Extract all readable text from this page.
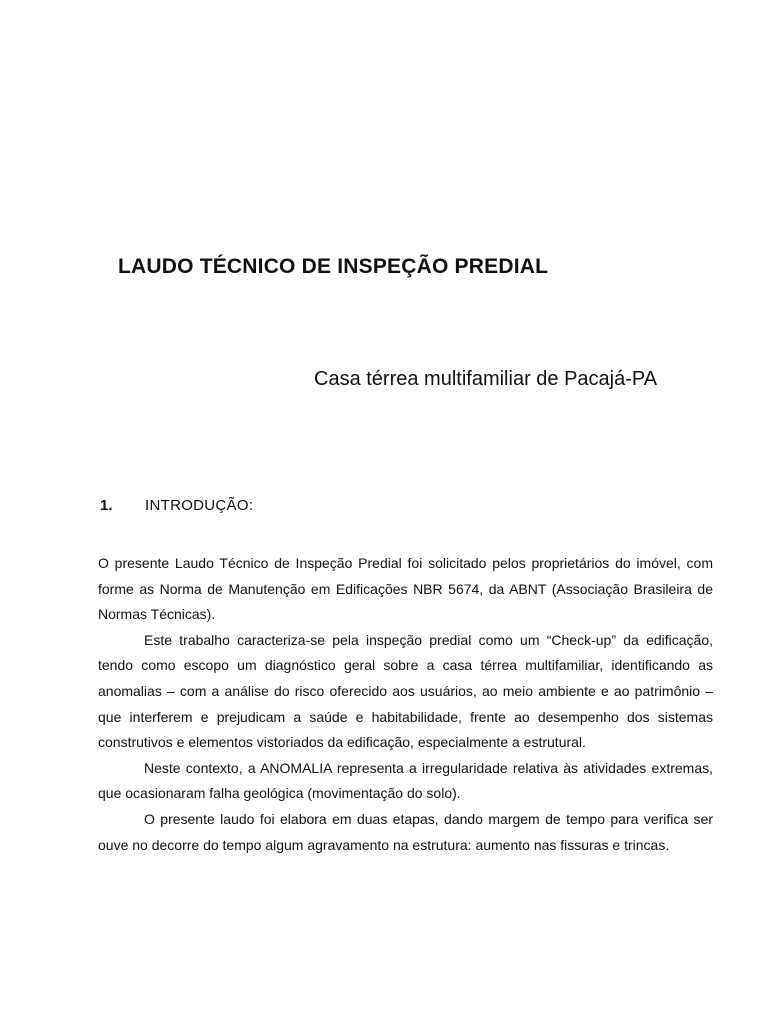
LAUDO TÉCNICO DE INSPEÇÃO PREDIAL
Casa térrea multifamiliar de Pacajá-PA
1. INTRODUÇÃO:

O presente Laudo Técnico de Inspeção Predial foi solicitado pelos proprietários do imóvel, com forme as Norma de Manutenção em Edificações NBR 5674, da ABNT (Associação Brasileira de Normas Técnicas).

Este trabalho caracteriza-se pela inspeção predial como um “Check-up” da edificação, tendo como escopo um diagnóstico geral sobre a casa térrea multifamiliar, identificando as anomalias – com a análise do risco oferecido aos usuários, ao meio ambiente e ao patrimônio – que interferem e prejudicam a saúde e habitabilidade, frente ao desempenho dos sistemas construtivos e elementos vistoriados da edificação, especialmente a estrutural.

Neste contexto, a ANOMALIA representa a irregularidade relativa às atividades extremas, que ocasionaram falha geológica (movimentação do solo).

O presente laudo foi elabora em duas etapas, dando margem de tempo para verifica ser ouve no decorre do tempo algum agravamento na estrutura: aumento nas fissuras e trincas.
